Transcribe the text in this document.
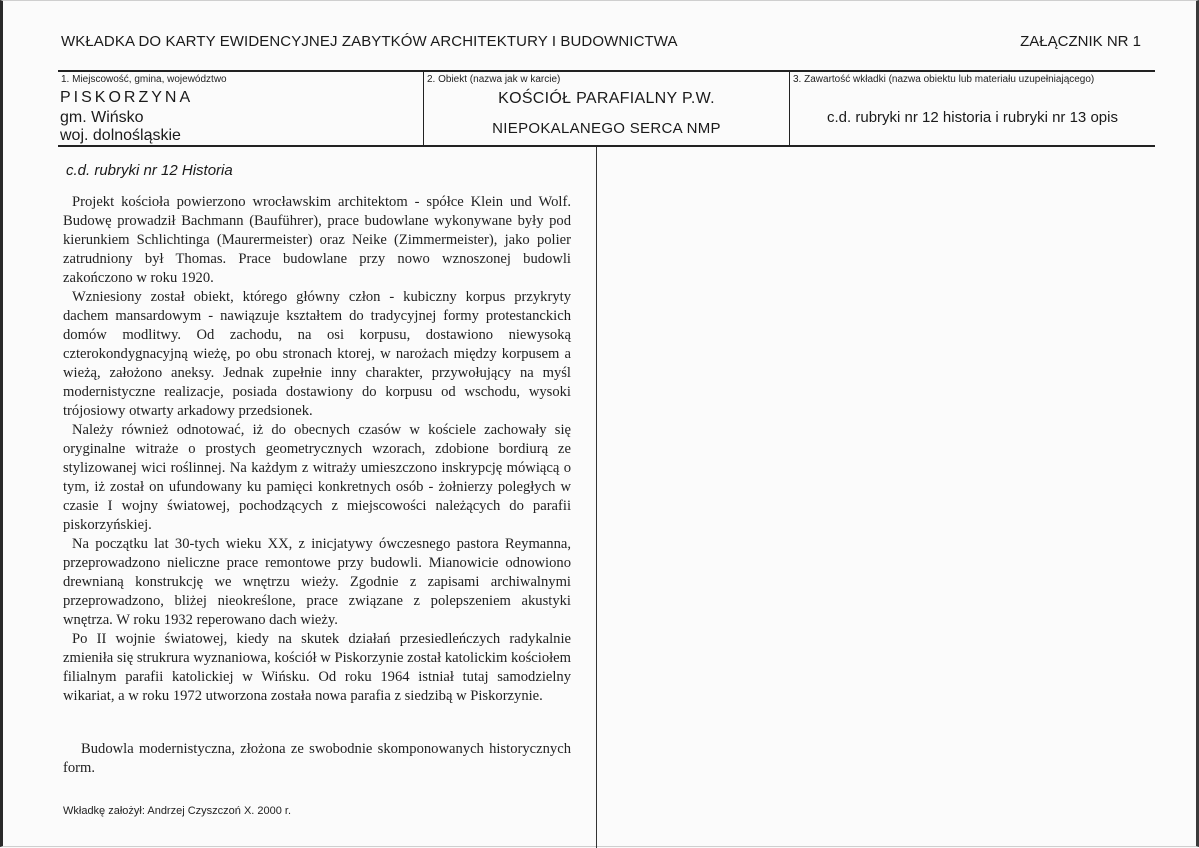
WKŁADKA DO KARTY EWIDENCYJNEJ ZABYTKÓW ARCHITEKTURY I BUDOWNICTWA	ZAŁĄCZNIK NR 1
1. Miejscowość, gmina, województwo
PISKORZYNA
gm. Wińsko
woj. dolnośląskie
2. Obiekt (nazwa jak w karcie)
KOŚCIÓŁ PARAFIALNY P.W.
NIEPOKALANEGO SERCA NMP
3. Zawartość wkładki (nazwa obiektu lub materiału uzupełniającego)
c.d. rubryki nr 12 historia i rubryki nr 13 opis
c.d. rubryki nr 12 Historia

Projekt kościoła powierzono wrocławskim architektom - spółce Klein und Wolf. Budowę prowadził Bachmann (Bauführer), prace budowlane wykonywane były pod kierunkiem Schlichtinga (Maurermeister) oraz Neike (Zimmermeister), jako polier zatrudniony był Thomas. Prace budowlane przy nowo wznoszonej budowli zakończono w roku 1920.

Wzniesiony został obiekt, którego główny człon - kubiczny korpus przykryty dachem mansardowym - nawiązuje kształtem do tradycyjnej formy protestanckich domów modlitwy. Od zachodu, na osi korpusu, dostawiono niewysoką czterokondygnacyjną wieżę, po obu stronach ktorej, w narożach między korpusem a wieżą, założono aneksy. Jednak zupełnie inny charakter, przywołujący na myśl modernistyczne realizacje, posiada dostawiony do korpusu od wschodu, wysoki trójosiowy otwarty arkadowy przedsionek.

Należy również odnotować, iż do obecnych czasów w kościele zachowały się oryginalne witraże o prostych geometrycznych wzorach, zdobione bordiurą ze stylizowanej wici roślinnej. Na każdym z witraży umieszczono inskrypcję mówiącą o tym, iż został on ufundowany ku pamięci konkretnych osób - żołnierzy poległych w czasie I wojny światowej, pochodzących z miejscowości należących do parafii piskorzyńskiej.

Na początku lat 30-tych wieku XX, z inicjatywy ówczesnego pastora Reymanna, przeprowadzono nieliczne prace remontowe przy budowli. Mianowicie odnowiono drewnianą konstrukcję we wnętrzu wieży. Zgodnie z zapisami archiwalnymi przeprowadzono, bliżej nieokreślone, prace związane z polepszeniem akustyki wnętrza. W roku 1932 reperowano dach wieży.

Po II wojnie światowej, kiedy na skutek działań przesiedleńczych radykalnie zmieniła się strukrura wyznaniowa, kościół w Piskorzynie został katolickim kościołem filialnym parafii katolickiej w Wińsku. Od roku 1964 istniał tutaj samodzielny wikariat, a w roku 1972 utworzona została nowa parafia z siedzibą w Piskorzynie.

Budowla modernistyczna, złożona ze swobodnie skomponowanych historycznych form.

Wkładkę założył: Andrzej Czyszczoń X. 2000 r.
